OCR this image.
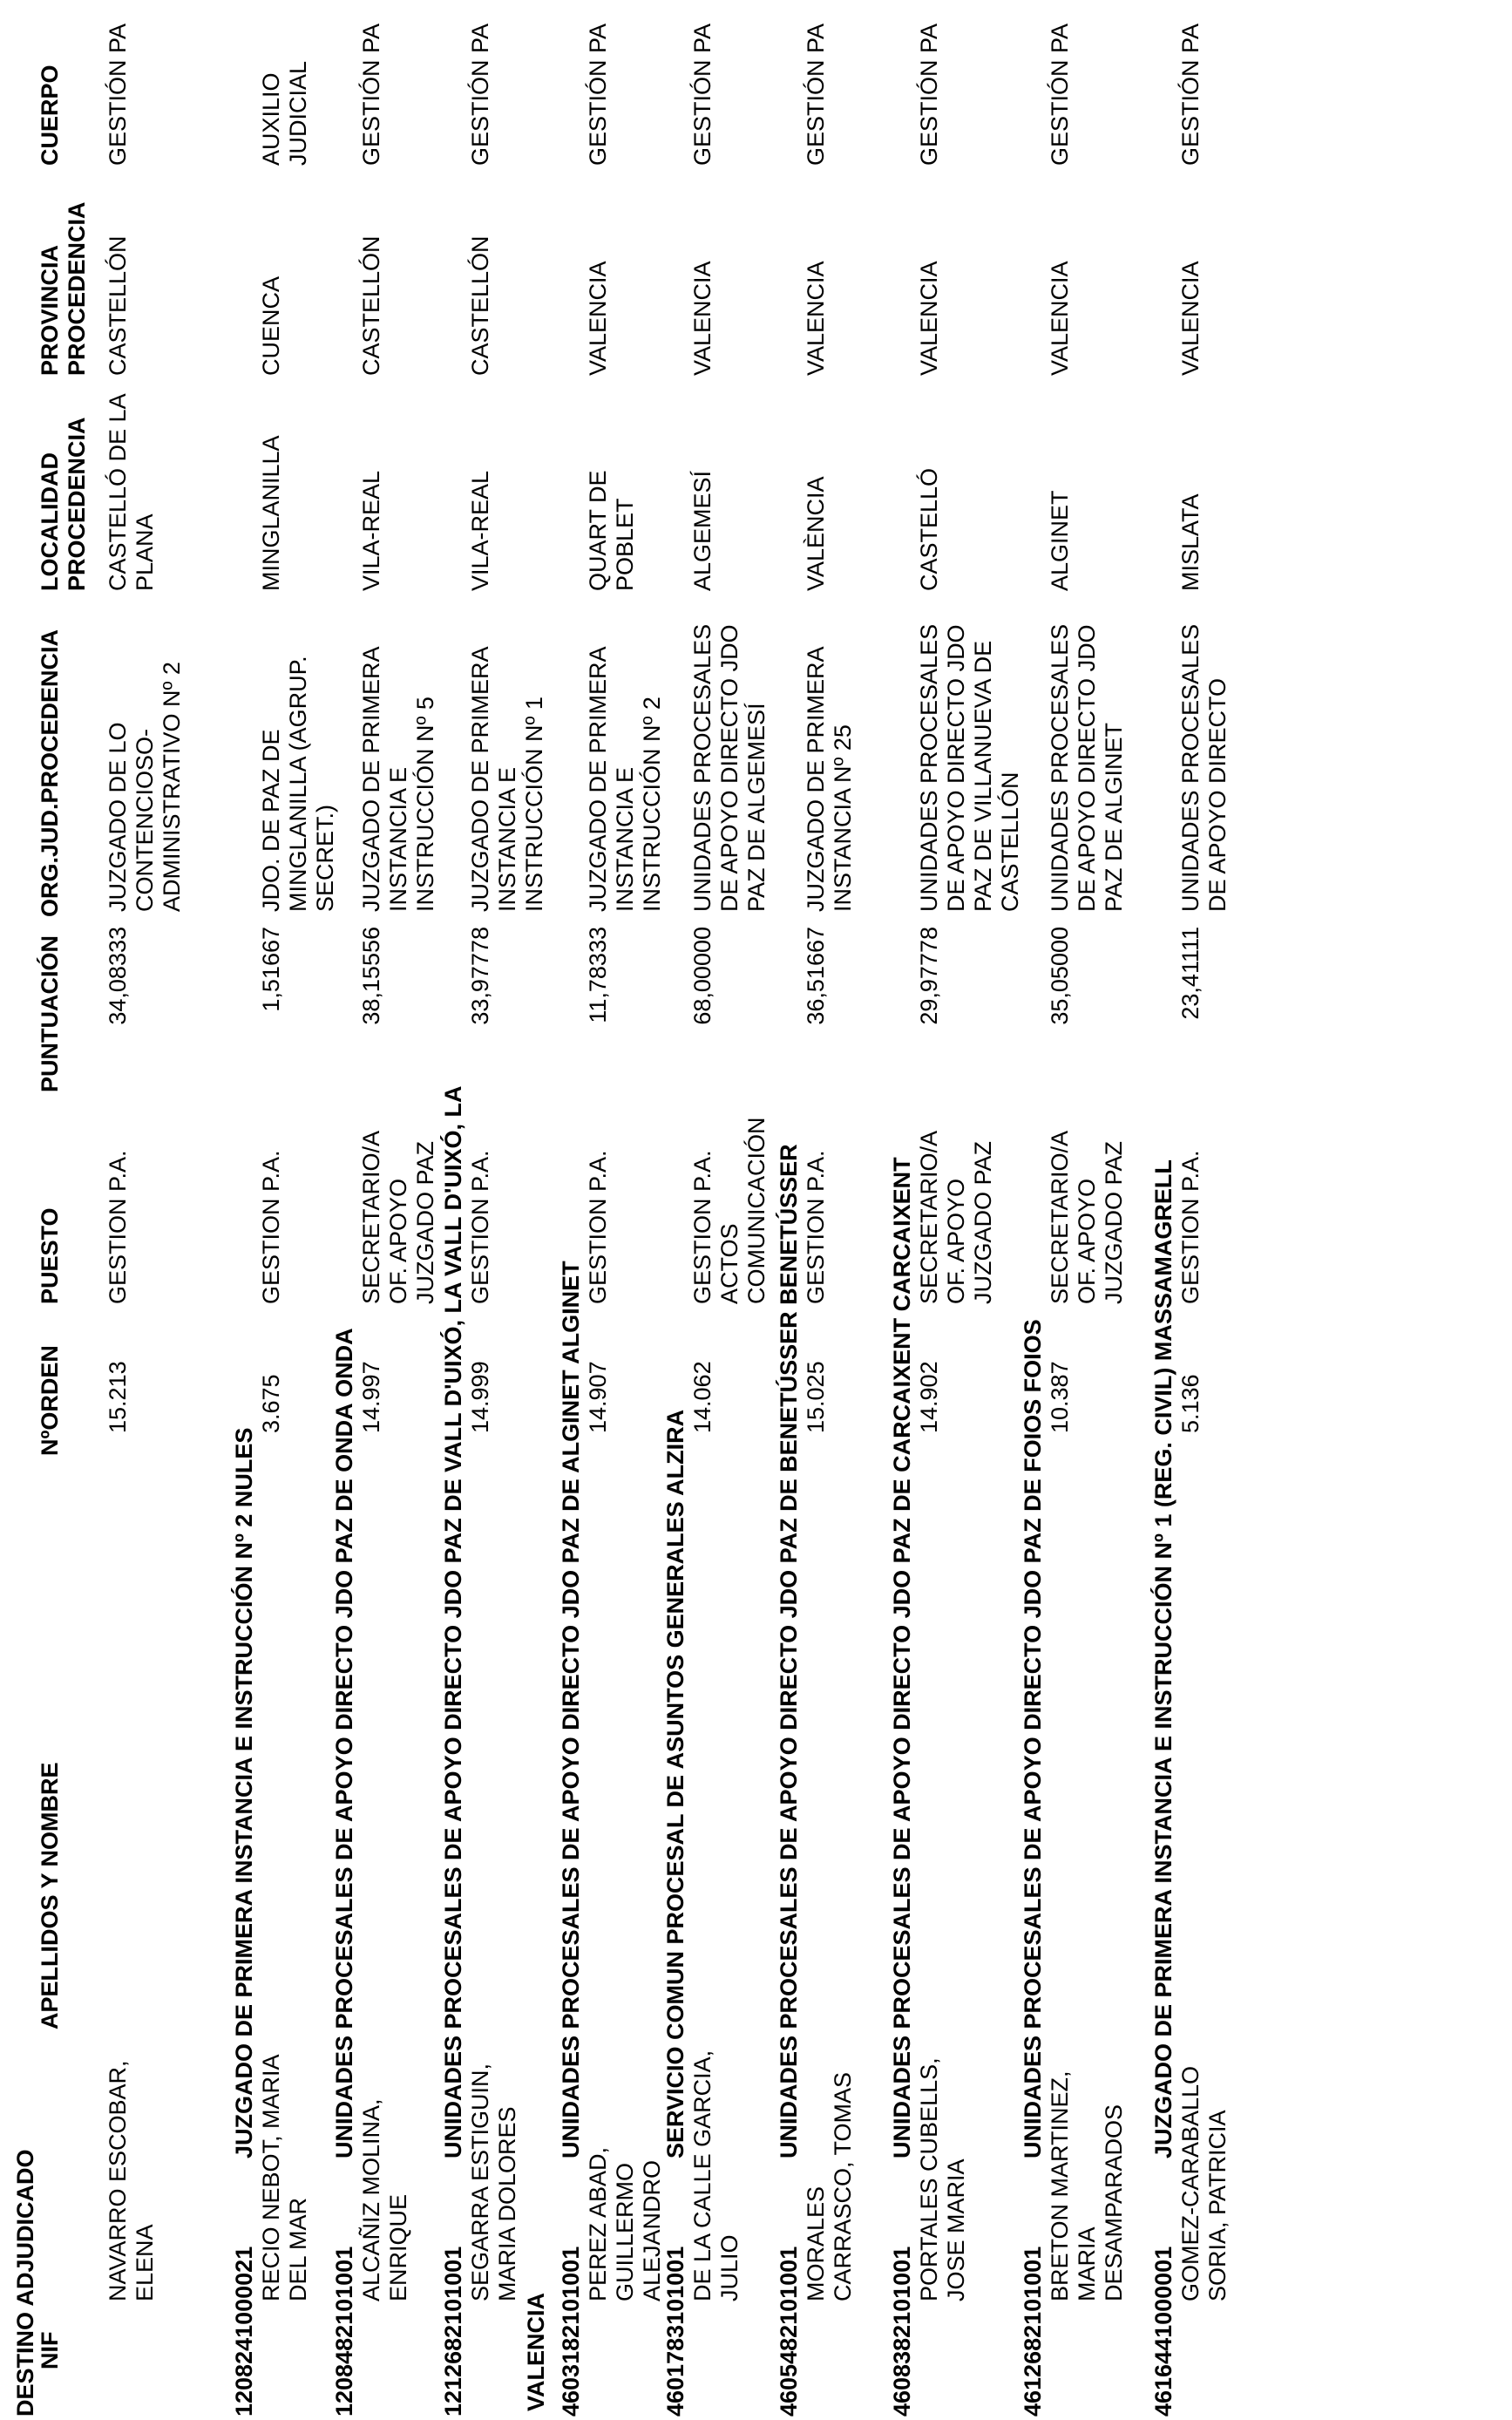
DESTINO ADJUDICADO
NIF
APELLIDOS Y NOMBRE
NºORDEN
PUESTO
PUNTUACIÓN
ORG.JUD.PROCEDENCIA
LOCALIDAD PROCEDENCIA
PROVINCIA PROCEDENCIA
CUERPO
VALENCIA
NAVARRO ESCOBAR, ELENA
15.213
GESTION P.A.
34,08333
JUZGADO DE LO CONTENCIOSO-ADMINISTRATIVO Nº 2
CASTELLÓ DE LA PLANA
CASTELLÓN
GESTIÓN PA
1208241000021
JUZGADO DE PRIMERA INSTANCIA E INSTRUCCIÓN Nº 2 NULES
RECIO NEBOT, MARIA DEL MAR
3.675
GESTION P.A.
1,51667
JDO. DE PAZ DE MINGLANILLA (AGRUP. SECRET.)
MINGLANILLA
CUENCA
AUXILIO JUDICIAL
1208482101001
UNIDADES PROCESALES DE APOYO DIRECTO JDO PAZ DE ONDA ONDA
ALCAÑIZ MOLINA, ENRIQUE
14.997
SECRETARIO/A OF. APOYO JUZGADO PAZ
38,15556
JUZGADO DE PRIMERA INSTANCIA E INSTRUCCIÓN Nº 5
VILA-REAL
CASTELLÓN
GESTIÓN PA
1212682101001
UNIDADES PROCESALES DE APOYO DIRECTO JDO PAZ DE VALL D'UIXÓ, LA VALL D'UIXÓ, LA
SEGARRA ESTIGUIN, MARIA DOLORES
14.999
GESTION P.A.
33,97778
JUZGADO DE PRIMERA INSTANCIA E INSTRUCCIÓN Nº 1
VILA-REAL
CASTELLÓN
GESTIÓN PA
4603182101001
UNIDADES PROCESALES DE APOYO DIRECTO JDO PAZ DE ALGINET ALGINET
PEREZ ABAD, GUILLERMO ALEJANDRO
14.907
GESTION P.A.
11,78333
JUZGADO DE PRIMERA INSTANCIA E INSTRUCCIÓN Nº 2
QUART DE POBLET
VALENCIA
GESTIÓN PA
4601783101001
SERVICIO COMUN PROCESAL DE ASUNTOS GENERALES ALZIRA
DE LA CALLE GARCIA, JULIO
14.062
GESTION P.A. ACTOS COMUNICACIÓN
68,00000
UNIDADES PROCESALES DE APOYO DIRECTO JDO PAZ DE ALGEMESÍ
ALGEMESÍ
VALENCIA
GESTIÓN PA
4605482101001
UNIDADES PROCESALES DE APOYO DIRECTO JDO PAZ DE BENETÚSSER BENETÚSSER
MORALES CARRASCO, TOMAS
15.025
GESTION P.A.
36,51667
JUZGADO DE PRIMERA INSTANCIA Nº 25
VALÈNCIA
VALENCIA
GESTIÓN PA
4608382101001
UNIDADES PROCESALES DE APOYO DIRECTO JDO PAZ DE CARCAIXENT CARCAIXENT
PORTALES CUBELLS, JOSE MARIA
14.902
SECRETARIO/A OF. APOYO JUZGADO PAZ
29,97778
UNIDADES PROCESALES DE APOYO DIRECTO JDO PAZ DE VILLANUEVA DE CASTELLÓN
CASTELLÓ
VALENCIA
GESTIÓN PA
4612682101001
UNIDADES PROCESALES DE APOYO DIRECTO JDO PAZ DE FOIOS FOIOS
BRETON MARTINEZ, MARIA DESAMPARADOS
10.387
SECRETARIO/A OF. APOYO JUZGADO PAZ
35,05000
UNIDADES PROCESALES DE APOYO DIRECTO JDO PAZ DE ALGINET
ALGINET
VALENCIA
GESTIÓN PA
4616441000001
JUZGADO DE PRIMERA INSTANCIA E INSTRUCCIÓN Nº 1 (REG. CIVIL) MASSAMAGRELL
GOMEZ-CARABALLO SORIA, PATRICIA
5.136
GESTION P.A.
23,41111
UNIDADES PROCESALES DE APOYO DIRECTO
MISLATA
VALENCIA
GESTIÓN PA
